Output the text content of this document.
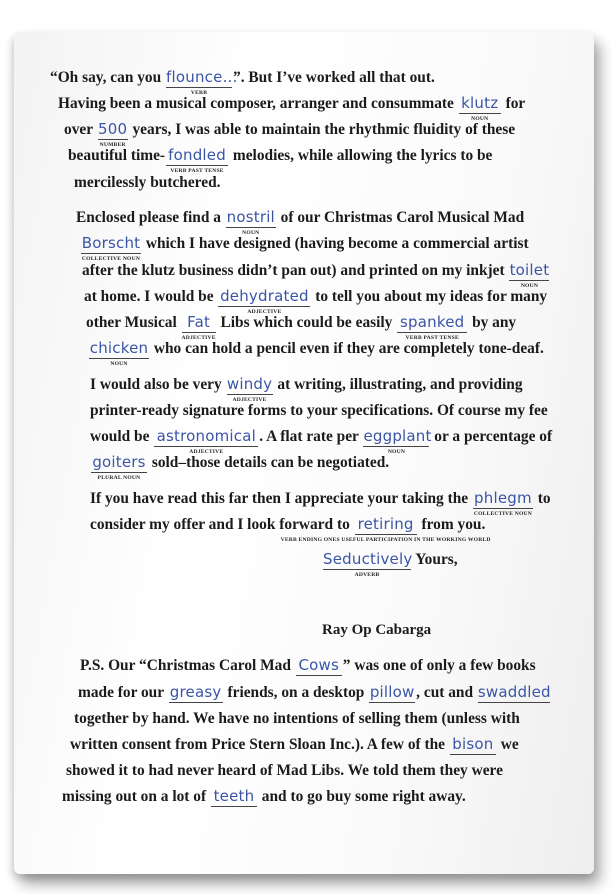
“Oh say, can you flounce…
VERB
”. But I’ve worked all that out.
Having been a musical composer, arranger and consummate klutz
NOUN
for
over 500
NUMBER
years, I was able to maintain the rhythmic fluidity of these
beautiful time- fondled
VERB PAST TENSE
melodies, while allowing the lyrics to be
mercilessly butchered.
Enclosed please find a nostril
NOUN
of our Christmas Carol Musical Mad
Borscht
COLLECTIVE NOUN
which I have designed (having become a commercial artist
after the klutz business didn’t pan out) and printed on my inkjet toilet
NOUN
at home. I would be dehydrated
ADJECTIVE
to tell you about my ideas for many
other Musical Fat
ADJECTIVE
Libs which could be easily spanked
VERB PAST TENSE
by any
chicken
NOUN
who can hold a pencil even if they are completely tone-deaf.
I would also be very windy
ADJECTIVE
at writing, illustrating, and providing
printer-ready signature forms to your specifications. Of course my fee
would be astronomical
ADJECTIVE
. A flat rate per eggplant
NOUN
or a percentage of
goiters
PLURAL NOUN
sold–those details can be negotiated.
If you have read this far then I appreciate your taking the phlegm
COLLECTIVE NOUN
to
consider my offer and I look forward to retiring
VERB ENDING ONES USEFUL PARTICIPATION IN THE WORKING WORLD
from you.
Seductively
ADVERB
Yours,
Ray Op Cabarga
P.S. Our “Christmas Carol Mad Cows ” was one of only a few books
made for our greasy friends, on a desktop pillow , cut and swaddled
together by hand. We have no intentions of selling them (unless with
written consent from Price Stern Sloan Inc.). A few of the bison we
showed it to had never heard of Mad Libs. We told them they were
missing out on a lot of teeth and to go buy some right away.
